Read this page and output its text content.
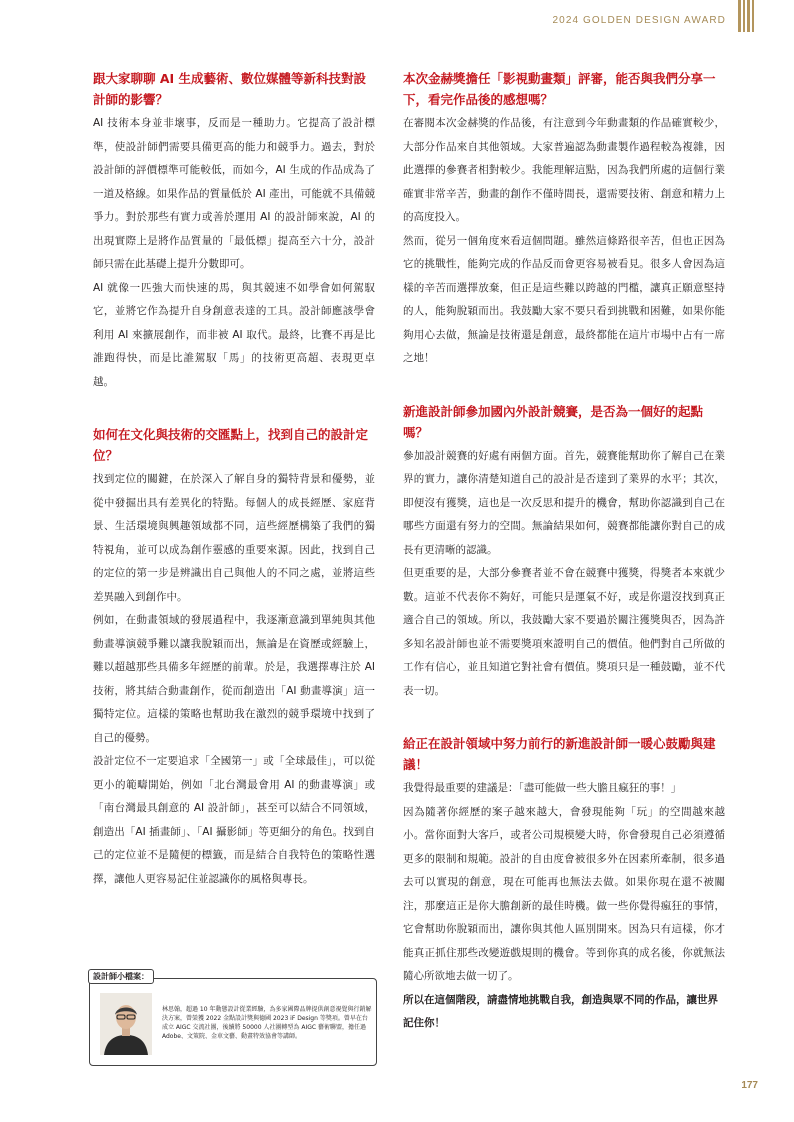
2024 GOLDEN DESIGN AWARD
跟大家聊聊 AI 生成藝術、數位媒體等新科技對設計師的影響？

AI 技術本身並非壞事，反而是一種助力。它提高了設計標準，使設計師們需要具備更高的能力和競爭力。過去，對於設計師的評價標準可能較低，而如今，AI 生成的作品成為了一道及格線。如果作品的質量低於 AI 產出，可能就不具備競爭力。對於那些有實力或善於運用 AI 的設計師來說，AI 的出現實際上是將作品質量的「最低標」提高至六十分，設計師只需在此基礎上提升分數即可。

AI 就像一匹強大而快速的馬，與其競速不如學會如何駕馭它，並將它作為提升自身創意表達的工具。設計師應該學會利用 AI 來擴展創作，而非被 AI 取代。最終，比賽不再是比誰跑得快，而是比誰駕馭「馬」的技術更高超、表現更卓越。

如何在文化與技術的交匯點上，找到自己的設計定位？

找到定位的關鍵，在於深入了解自身的獨特背景和優勢，並從中發掘出具有差異化的特點。每個人的成長經歷、家庭背景、生活環境與興趣領域都不同，這些經歷構築了我們的獨特視角，並可以成為創作靈感的重要來源。因此，找到自己的定位的第一步是辨識出自己與他人的不同之處，並將這些差異融入到創作中。

例如，在動畫領域的發展過程中，我逐漸意識到單純與其他動畫導演競爭難以讓我脫穎而出，無論是在資歷或經驗上，難以超越那些具備多年經歷的前輩。於是，我選擇專注於 AI 技術，將其結合動畫創作，從而創造出「AI 動畫導演」這一獨特定位。這樣的策略也幫助我在激烈的競爭環境中找到了自己的優勢。

設計定位不一定要追求「全國第一」或「全球最佳」，可以從更小的範疇開始，例如「北台灣最會用 AI 的動畫導演」或「南台灣最具創意的 AI 設計師」，甚至可以結合不同領域，創造出「AI 插畫師」、「AI 攝影師」等更細分的角色。找到自己的定位並不是隨便的標籤，而是結合自我特色的策略性選擇，讓他人更容易記住並認識你的風格與專長。

本次金赫獎擔任「影視動畫類」評審，能否與我們分享一下，看完作品後的感想嗎？

在審閱本次金赫獎的作品後，有注意到今年動畫類的作品確實較少，大部分作品來自其他領域。大家普遍認為動畫製作過程較為複雜，因此選擇的參賽者相對較少。我能理解這點，因為我們所處的這個行業確實非常辛苦，動畫的創作不僅時間長，還需要技術、創意和精力上的高度投入。

然而，從另一個角度來看這個問題。雖然這條路很辛苦，但也正因為它的挑戰性，能夠完成的作品反而會更容易被看見。很多人會因為這樣的辛苦而選擇放棄，但正是這些難以跨越的門檻，讓真正願意堅持的人，能夠脫穎而出。我鼓勵大家不要只看到挑戰和困難，如果你能夠用心去做，無論是技術還是創意，最終都能在這片市場中占有一席之地！

新進設計師參加國內外設計競賽，是否為一個好的起點嗎？

參加設計競賽的好處有兩個方面。首先，競賽能幫助你了解自己在業界的實力，讓你清楚知道自己的設計是否達到了業界的水平；其次，即便沒有獲獎，這也是一次反思和提升的機會，幫助你認識到自己在哪些方面還有努力的空間。無論結果如何，競賽都能讓你對自己的成長有更清晰的認識。

但更重要的是，大部分參賽者並不會在競賽中獲獎，得獎者本來就少數。這並不代表你不夠好，可能只是運氣不好，或是你還沒找到真正適合自己的領域。所以，我鼓勵大家不要過於關注獲獎與否，因為許多知名設計師也並不需要獎項來證明自己的價值。他們對自己所做的工作有信心，並且知道它對社會有價值。獎項只是一種鼓勵，並不代表一切。

給正在設計領域中努力前行的新進設計師一暖心鼓勵與建議！

我覺得最重要的建議是：「盡可能做一些大膽且瘋狂的事！」

因為隨著你經歷的案子越來越大，會發現能夠「玩」的空間越來越小。當你面對大客戶，或者公司規模變大時，你會發現自己必須遵循更多的限制和規範。設計的自由度會被很多外在因素所牽制，很多過去可以實現的創意，現在可能再也無法去做。如果你現在還不被關注，那麼這正是你大膽創新的最佳時機。做一些你覺得瘋狂的事情，它會幫助你脫穎而出，讓你與其他人區別開來。因為只有這樣，你才能真正抓住那些改變遊戲規則的機會。等到你真的成名後，你就無法隨心所欲地去做一切了。

所以在這個階段，請盡情地挑戰自我，創造與眾不同的作品，讓世界記住你！

設計師小檔案：
林思翰，超過 10 年動態設計從業經驗，為多家國際品牌提供創意視覺與行銷解決方案，曾榮獲 2022 金點設計獎與德國 2023 iF Design 等獎項。曾早在台成立 AIGC 交流社團，後續將 50000 人社團轉型為 AIGC 藝術聯盟，擔任過 Adobe、文策院、金車文藝、動畫特效協會等講師。
177
